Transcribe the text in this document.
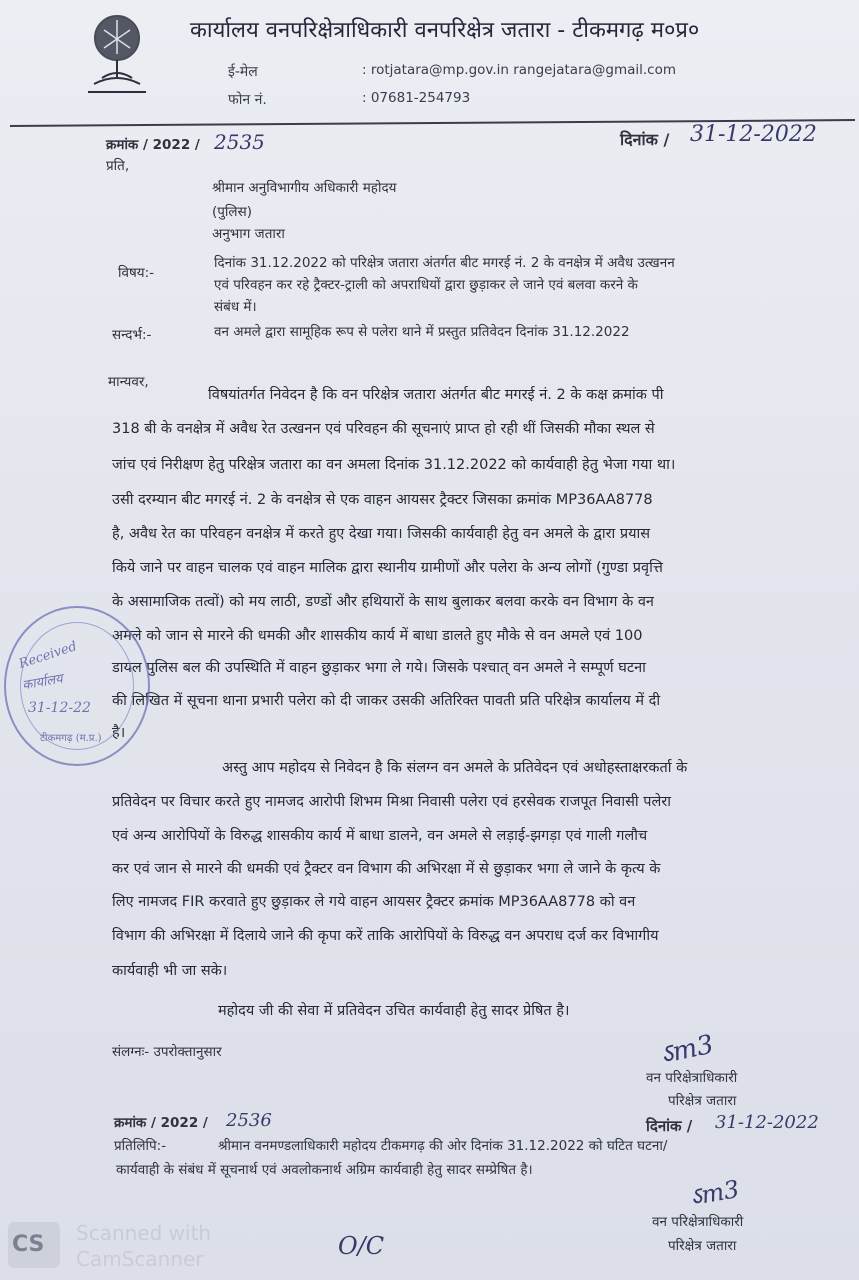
कार्यालय वनपरिक्षेत्राधिकारी वनपरिक्षेत्र जतारा - टीकमगढ़ म०प्र०
ई-मेल	: rotjatara@mp.gov.in rangejatara@gmail.com
फोन नं.	: 07681-254793
क्रमांक / 2022 / 2535	दिनांक / 31-12-2022
प्रति,
श्रीमान अनुविभागीय अधिकारी महोदय
(पुलिस)
अनुभाग जतारा
विषय:-
दिनांक 31.12.2022 को परिक्षेत्र जतारा अंतर्गत बीट मगरई नं. 2 के वनक्षेत्र में अवैध उत्खनन
एवं परिवहन कर रहे ट्रैक्टर-ट्राली को अपराधियों द्वारा छुड़ाकर ले जाने एवं बलवा करने के
संबंध में।
सन्दर्भ:-	वन अमले द्वारा सामूहिक रूप से पलेरा थाने में प्रस्तुत प्रतिवेदन दिनांक 31.12.2022
मान्यवर,
विषयांतर्गत निवेदन है कि वन परिक्षेत्र जतारा अंतर्गत बीट मगरई नं. 2 के कक्ष क्रमांक पी
318 बी के वनक्षेत्र में अवैध रेत उत्खनन एवं परिवहन की सूचनाएं प्राप्त हो रही थीं जिसकी मौका स्थल से
जांच एवं निरीक्षण हेतु परिक्षेत्र जतारा का वन अमला दिनांक 31.12.2022 को कार्यवाही हेतु भेजा गया था।
उसी दरम्यान बीट मगरई नं. 2 के वनक्षेत्र से एक वाहन आयसर ट्रैक्टर जिसका क्रमांक MP36AA8778
है, अवैध रेत का परिवहन वनक्षेत्र में करते हुए देखा गया। जिसकी कार्यवाही हेतु वन अमले के द्वारा प्रयास
किये जाने पर वाहन चालक एवं वाहन मालिक द्वारा स्थानीय ग्रामीणों और पलेरा के अन्य लोगों (गुण्डा प्रवृत्ति
के असामाजिक तत्वों) को मय लाठी, डण्डों और हथियारों के साथ बुलाकर बलवा करके वन विभाग के वन
अमले को जान से मारने की धमकी और शासकीय कार्य में बाधा डालते हुए मौके से वन अमले एवं 100
डायल पुलिस बल की उपस्थिति में वाहन छुड़ाकर भगा ले गये। जिसके पश्चात् वन अमले ने सम्पूर्ण घटना
की लिखित में सूचना थाना प्रभारी पलेरा को दी जाकर उसकी अतिरिक्त पावती प्रति परिक्षेत्र कार्यालय में दी
है।
Received
कार्यालय
31-12-22
टीकमगढ़ (म.प्र.)
अस्तु आप महोदय से निवेदन है कि संलग्न वन अमले के प्रतिवेदन एवं अधोहस्ताक्षरकर्ता के
प्रतिवेदन पर विचार करते हुए नामजद आरोपी शिभम मिश्रा निवासी पलेरा एवं हरसेवक राजपूत निवासी पलेरा
एवं अन्य आरोपियों के विरुद्ध शासकीय कार्य में बाधा डालने, वन अमले से लड़ाई-झगड़ा एवं गाली गलौच
कर एवं जान से मारने की धमकी एवं ट्रैक्टर वन विभाग की अभिरक्षा में से छुड़ाकर भगा ले जाने के कृत्य के
लिए नामजद FIR करवाते हुए छुड़ाकर ले गये वाहन आयसर ट्रैक्टर क्रमांक MP36AA8778 को वन
विभाग की अभिरक्षा में दिलाये जाने की कृपा करें ताकि आरोपियों के विरुद्ध वन अपराध दर्ज कर विभागीय
कार्यवाही भी जा सके।
महोदय जी की सेवा में प्रतिवेदन उचित कार्यवाही हेतु सादर प्रेषित है।
संलग्नः- उपरोक्तानुसार	ऽm3
वन परिक्षेत्राधिकारी
परिक्षेत्र जतारा
क्रमांक / 2022 / 2536	दिनांक / 31-12-2022
प्रतिलिपि:-	श्रीमान वनमण्डलाधिकारी महोदय टीकमगढ़ की ओर दिनांक 31.12.2022 को घटित घटना/
कार्यवाही के संबंध में सूचनार्थ एवं अवलोकनार्थ अग्रिम कार्यवाही हेतु सादर सम्प्रेषित है।
ऽm3
वन परिक्षेत्राधिकारी
परिक्षेत्र जतारा
O/C
CS Scanned with
CamScanner
